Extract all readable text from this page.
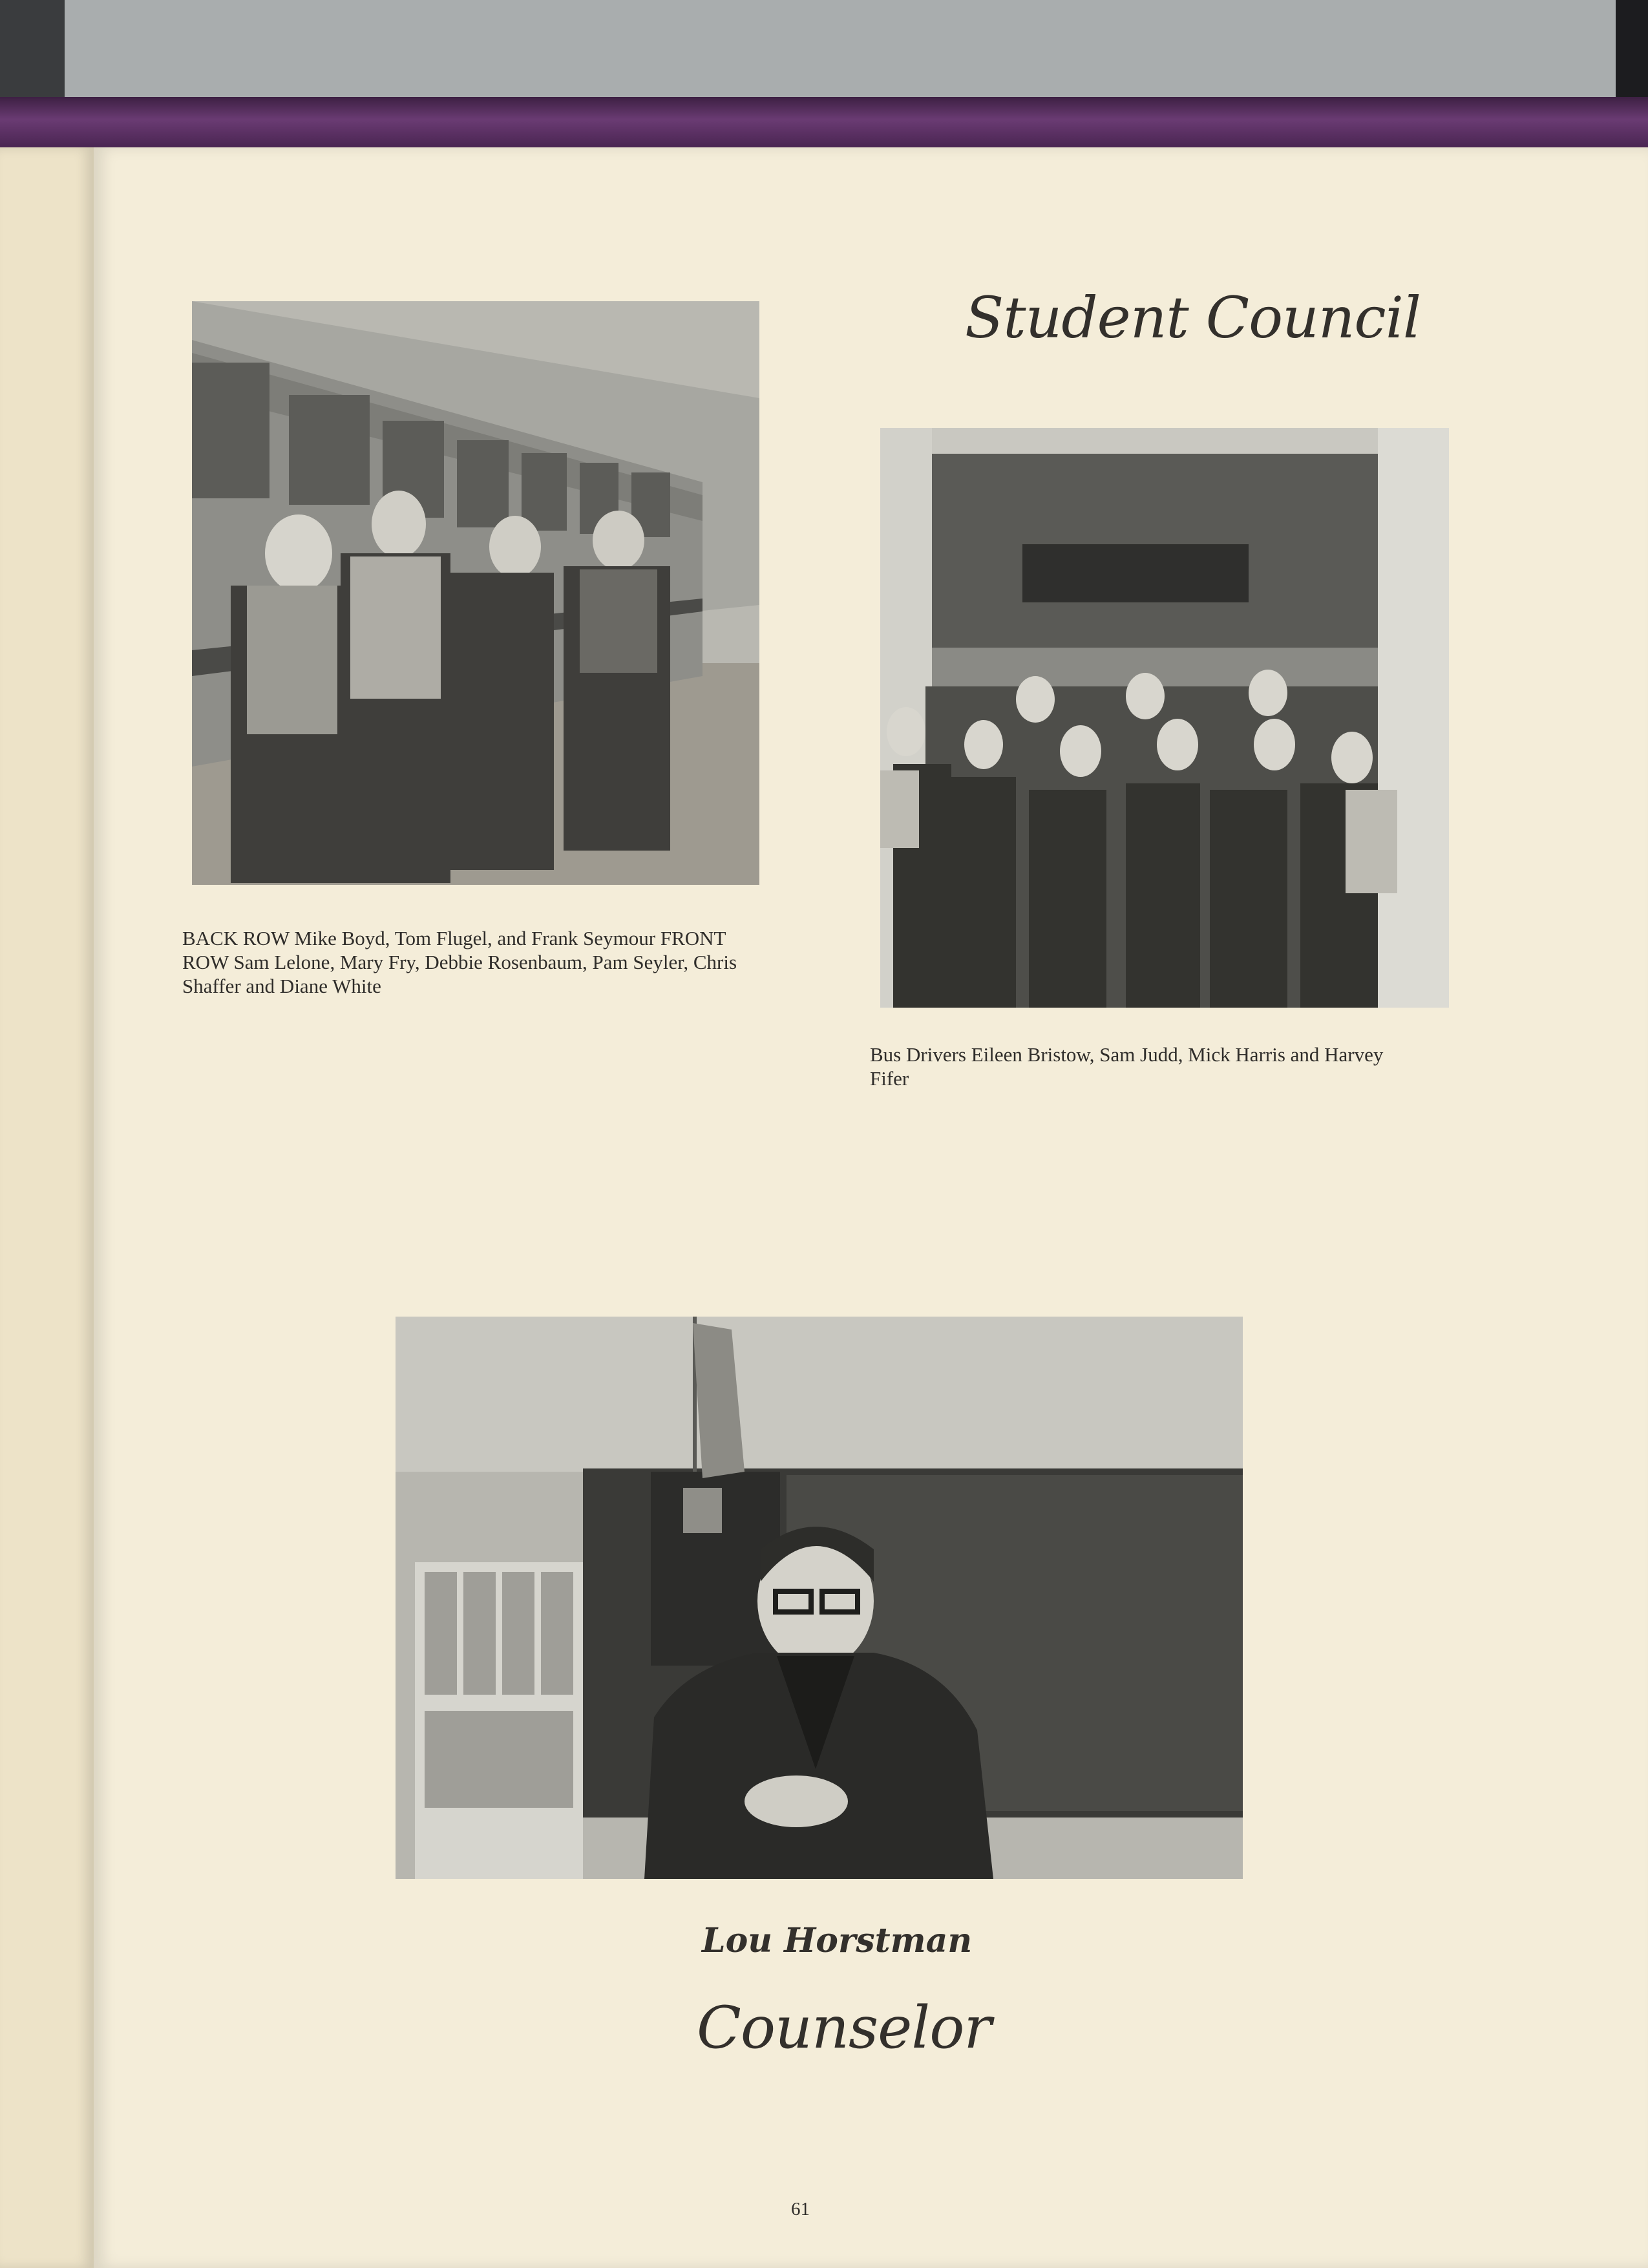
BACK ROW Mike Boyd, Tom Flugel, and Frank Seymour FRONT ROW Sam Lelone, Mary Fry, Debbie Rosenbaum, Pam Seyler, Chris Shaffer and Diane White

Student Council

Bus Drivers Eileen Bristow, Sam Judd, Mick Harris and Harvey Fifer

Lou Horstman
Counselor
61
